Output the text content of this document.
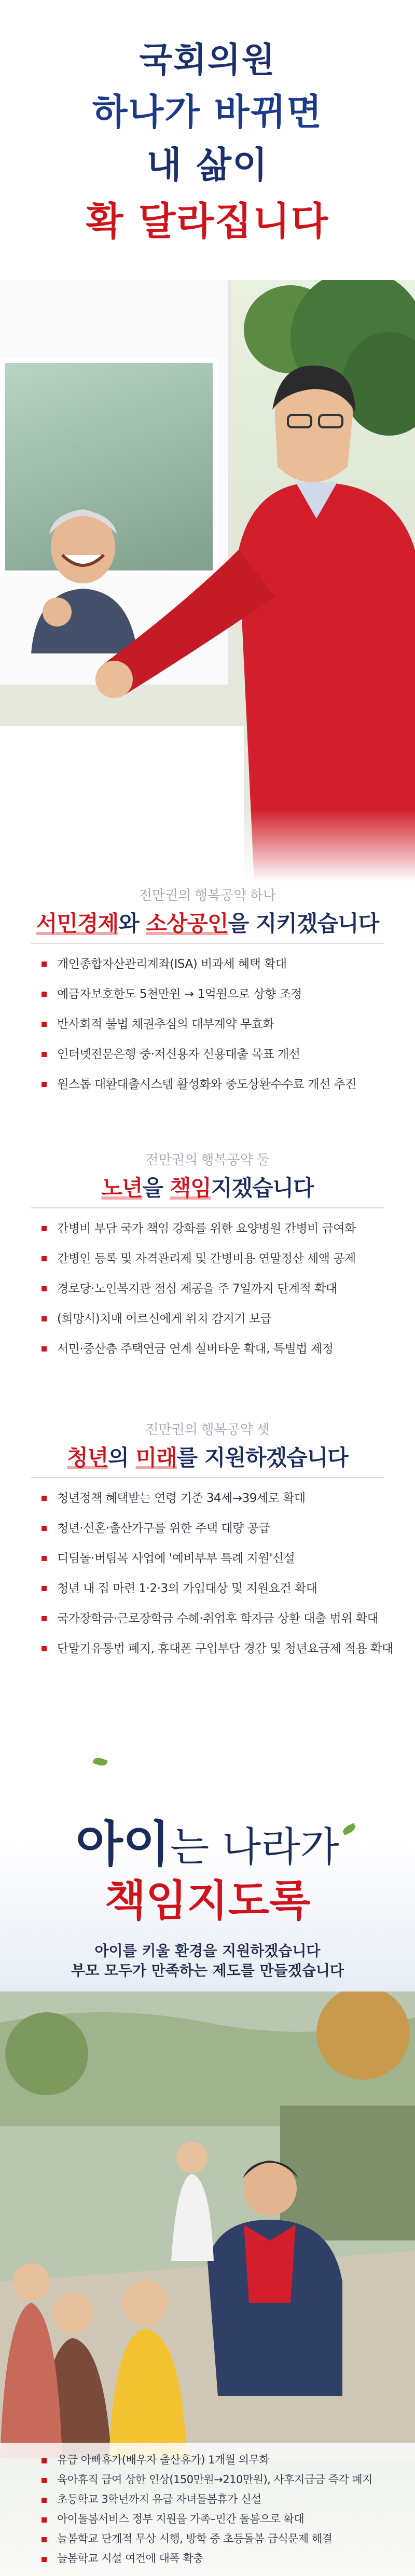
국회의원
하나가 바뀌면
내 삶이
확 달라집니다
전만권의 행복공약 하나
서민경제와 소상공인을 지키겠습니다
개인종합자산관리계좌(ISA) 비과세 혜택 확대
예금자보호한도 5천만원 → 1억원으로 상향 조정
반사회적 불법 채권추심의 대부계약 무효화
인터넷전문은행 중·저신용자 신용대출 목표 개선
원스톱 대환대출시스템 활성화와 중도상환수수료 개선 추진
전만권의 행복공약 둘
노년을 책임지겠습니다
간병비 부담 국가 책임 강화를 위한 요양병원 간병비 급여화
간병인 등록 및 자격관리제 및 간병비용 연말정산 세액 공제
경로당·노인복지관 점심 제공을 주 7일까지 단계적 확대
(희망시)치매 어르신에게 위치 감지기 보급
서민·중산층 주택연금 연계 실버타운 확대, 특별법 제정
전만권의 행복공약 셋
청년의 미래를 지원하겠습니다
청년정책 혜택받는 연령 기준 34세→39세로 확대
청년·신혼·출산가구를 위한 주택 대량 공급
디딤돌·버팀목 사업에 '예비부부 특례 지원'신설
청년 내 집 마련 1·2·3의 가입대상 및 지원요건 확대
국가장학금·근로장학금 수혜·취업후 학자금 상환 대출 범위 확대
단말기유통법 폐지, 휴대폰 구입부담 경감 및 청년요금제 적용 확대
아이는 나라가
책임지도록
아이를 키울 환경을 지원하겠습니다
부모 모두가 만족하는 제도를 만들겠습니다
유급 아빠휴가(배우자 출산휴가) 1개월 의무화
육아휴직 급여 상한 인상(150만원→210만원), 사후지급금 즉각 폐지
초등학교 3학년까지 유급 자녀돌봄휴가 신설
아이돌봄서비스 정부 지원을 가족–민간 돌봄으로 확대
늘봄학교 단계적 무상 시행, 방학 중 초등돌봄 급식문제 해결
늘봄학교 시설 여건에 대폭 확충
